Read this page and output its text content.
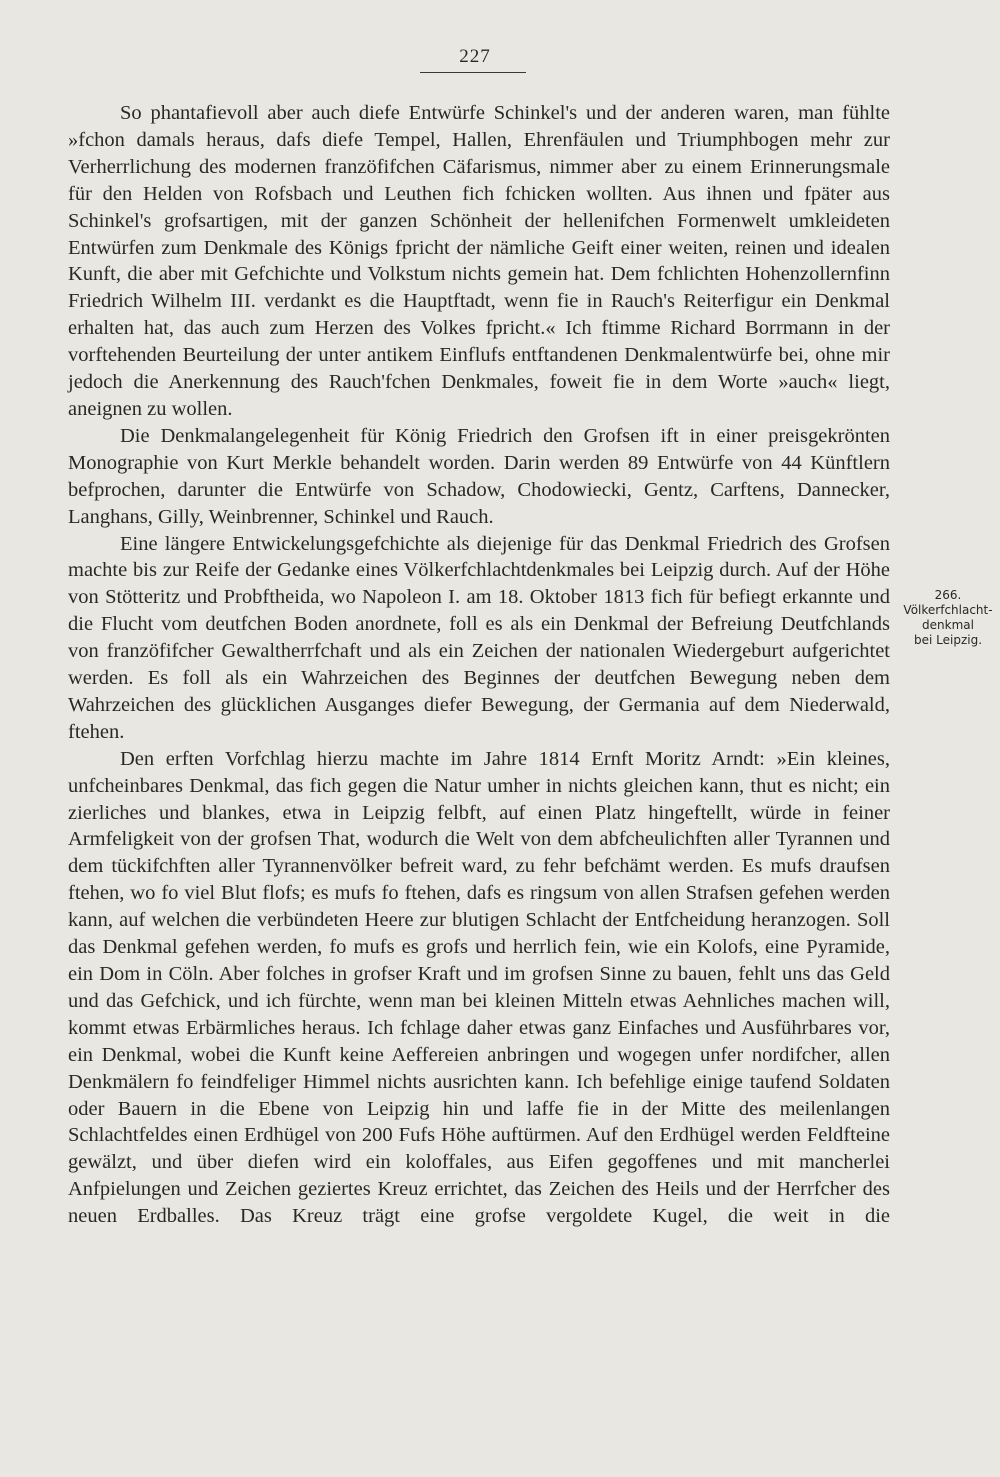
227

So phantafievoll aber auch diefe Entwürfe Schinkel's und der anderen waren, man fühlte »fchon damals heraus, dafs diefe Tempel, Hallen, Ehrenfäulen und Triumphbogen mehr zur Verherrlichung des modernen franzöfifchen Cäfarismus, nimmer aber zu einem Erinnerungsmale für den Helden von Rofsbach und Leuthen fich fchicken wollten. Aus ihnen und fpäter aus Schinkel's grofsartigen, mit der ganzen Schönheit der hellenifchen Formenwelt umkleideten Entwürfen zum Denkmale des Königs fpricht der nämliche Geift einer weiten, reinen und idealen Kunft, die aber mit Gefchichte und Volkstum nichts gemein hat. Dem fchlichten Hohenzollernfinn Friedrich Wilhelm III. verdankt es die Hauptftadt, wenn fie in Rauch's Reiterfigur ein Denkmal erhalten hat, das auch zum Herzen des Volkes fpricht.« Ich ftimme Richard Borrmann in der vorftehenden Beurteilung der unter antikem Einflufs entftandenen Denkmalentwürfe bei, ohne mir jedoch die Anerkennung des Rauch'fchen Denkmales, foweit fie in dem Worte »auch« liegt, aneignen zu wollen.

Die Denkmalangelegenheit für König Friedrich den Grofsen ift in einer preisgekrönten Monographie von Kurt Merkle behandelt worden. Darin werden 89 Entwürfe von 44 Künftlern befprochen, darunter die Entwürfe von Schadow, Chodowiecki, Gentz, Carftens, Dannecker, Langhans, Gilly, Weinbrenner, Schinkel und Rauch.

Eine längere Entwickelungsgefchichte als diejenige für das Denkmal Friedrich des Grofsen machte bis zur Reife der Gedanke eines Völkerfchlachtdenkmales bei Leipzig durch. Auf der Höhe von Stötteritz und Probftheida, wo Napoleon I. am 18. Oktober 1813 fich für befiegt erkannte und die Flucht vom deutfchen Boden anordnete, foll es als ein Denkmal der Befreiung Deutfchlands von franzöfifcher Gewaltherrfchaft und als ein Zeichen der nationalen Wiedergeburt aufgerichtet werden. Es foll als ein Wahrzeichen des Beginnes der deutfchen Bewegung neben dem Wahrzeichen des glücklichen Ausganges diefer Bewegung, der Germania auf dem Niederwald, ftehen.

Den erften Vorfchlag hierzu machte im Jahre 1814 Ernft Moritz Arndt: »Ein kleines, unfcheinbares Denkmal, das fich gegen die Natur umher in nichts gleichen kann, thut es nicht; ein zierliches und blankes, etwa in Leipzig felbft, auf einen Platz hingeftellt, würde in feiner Armfeligkeit von der grofsen That, wodurch die Welt von dem abfcheulichften aller Tyrannen und dem tückifchften aller Tyrannenvölker befreit ward, zu fehr befchämt werden. Es mufs draufsen ftehen, wo fo viel Blut flofs; es mufs fo ftehen, dafs es ringsum von allen Strafsen gefehen werden kann, auf welchen die verbündeten Heere zur blutigen Schlacht der Entfcheidung heranzogen. Soll das Denkmal gefehen werden, fo mufs es grofs und herrlich fein, wie ein Kolofs, eine Pyramide, ein Dom in Cöln. Aber folches in grofser Kraft und im grofsen Sinne zu bauen, fehlt uns das Geld und das Gefchick, und ich fürchte, wenn man bei kleinen Mitteln etwas Aehnliches machen will, kommt etwas Erbärmliches heraus. Ich fchlage daher etwas ganz Einfaches und Ausführbares vor, ein Denkmal, wobei die Kunft keine Aeffereien anbringen und wogegen unfer nordifcher, allen Denkmälern fo feindfeliger Himmel nichts ausrichten kann. Ich befehlige einige taufend Soldaten oder Bauern in die Ebene von Leipzig hin und laffe fie in der Mitte des meilenlangen Schlachtfeldes einen Erdhügel von 200 Fufs Höhe auftürmen. Auf den Erdhügel werden Feldfteine gewälzt, und über diefen wird ein koloffales, aus Eifen gegoffenes und mit mancherlei Anfpielungen und Zeichen geziertes Kreuz errichtet, das Zeichen des Heils und der Herrfcher des neuen Erdballes. Das Kreuz trägt eine grofse vergoldete Kugel, die weit in die

266.
Völkerfchlacht-
denkmal
bei Leipzig.
